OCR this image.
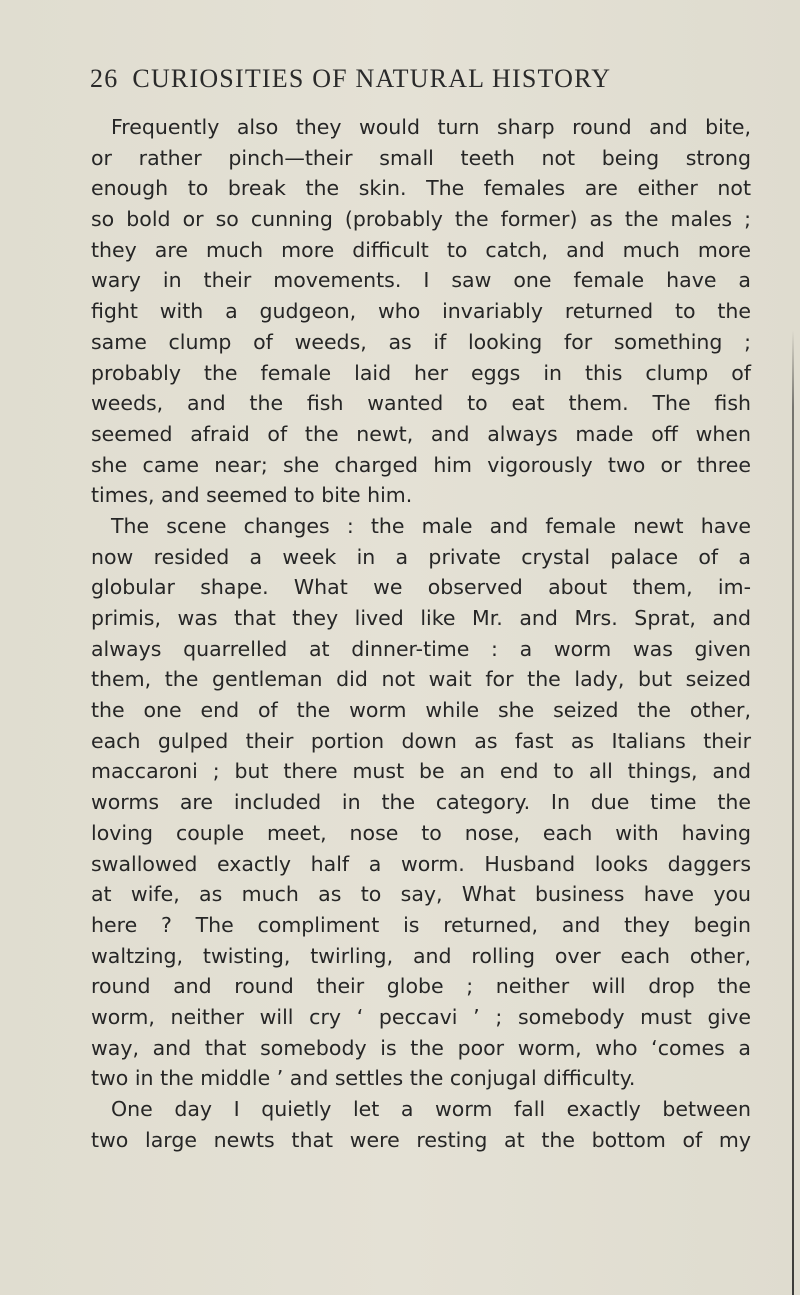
26 CURIOSITIES OF NATURAL HISTORY
Frequently also they would turn sharp round and bite,
or rather pinch—their small teeth not being strong
enough to break the skin. The females are either not
so bold or so cunning (probably the former) as the males ;
they are much more difficult to catch, and much more
wary in their movements. I saw one female have a
fight with a gudgeon, who invariably returned to the
same clump of weeds, as if looking for something ;
probably the female laid her eggs in this clump of
weeds, and the fish wanted to eat them. The fish
seemed afraid of the newt, and always made off when
she came near; she charged him vigorously two or three
times, and seemed to bite him.
The scene changes : the male and female newt have
now resided a week in a private crystal palace of a
globular shape. What we observed about them, im-
primis, was that they lived like Mr. and Mrs. Sprat, and
always quarrelled at dinner-time : a worm was given
them, the gentleman did not wait for the lady, but seized
the one end of the worm while she seized the other,
each gulped their portion down as fast as Italians their
maccaroni ; but there must be an end to all things, and
worms are included in the category. In due time the
loving couple meet, nose to nose, each with having
swallowed exactly half a worm. Husband looks daggers
at wife, as much as to say, What business have you
here ? The compliment is returned, and they begin
waltzing, twisting, twirling, and rolling over each other,
round and round their globe ; neither will drop the
worm, neither will cry ‘ peccavi ’ ; somebody must give
way, and that somebody is the poor worm, who ‘comes a
two in the middle ’ and settles the conjugal difficulty.
One day I quietly let a worm fall exactly between
two large newts that were resting at the bottom of my
